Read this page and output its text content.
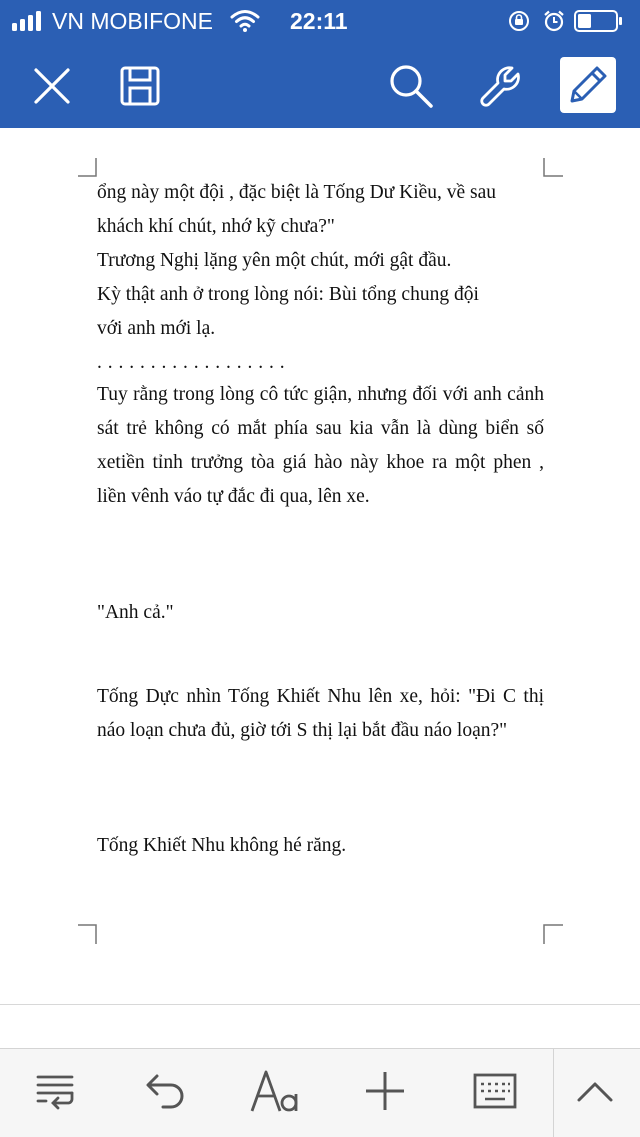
VN MOBIFONE	22:11
ổng này một đội , đặc biệt là Tống Dư Kiều, về sau
khách khí chút, nhớ kỹ chưa?"
Trương Nghị lặng yên một chút, mới gật đầu.
Kỳ thật anh ở trong lòng nói: Bùi tổng chung đội
với anh mới lạ.
. . . . . . . . . . . . . . . . . .
Tuy rằng trong lòng cô tức giận, nhưng đối với anh cảnh sát trẻ không có mắt phía sau kia vẫn là dùng biển số xetiền tỉnh trưởng tòa giá hào này khoe ra một phen , liền vênh váo tự đắc đi qua, lên xe.
"Anh cả."
Tống Dực nhìn Tống Khiết Nhu lên xe, hỏi: "Đi C thị náo loạn chưa đủ, giờ tới S thị lại bắt đầu náo loạn?"
Tống Khiết Nhu không hé răng.
